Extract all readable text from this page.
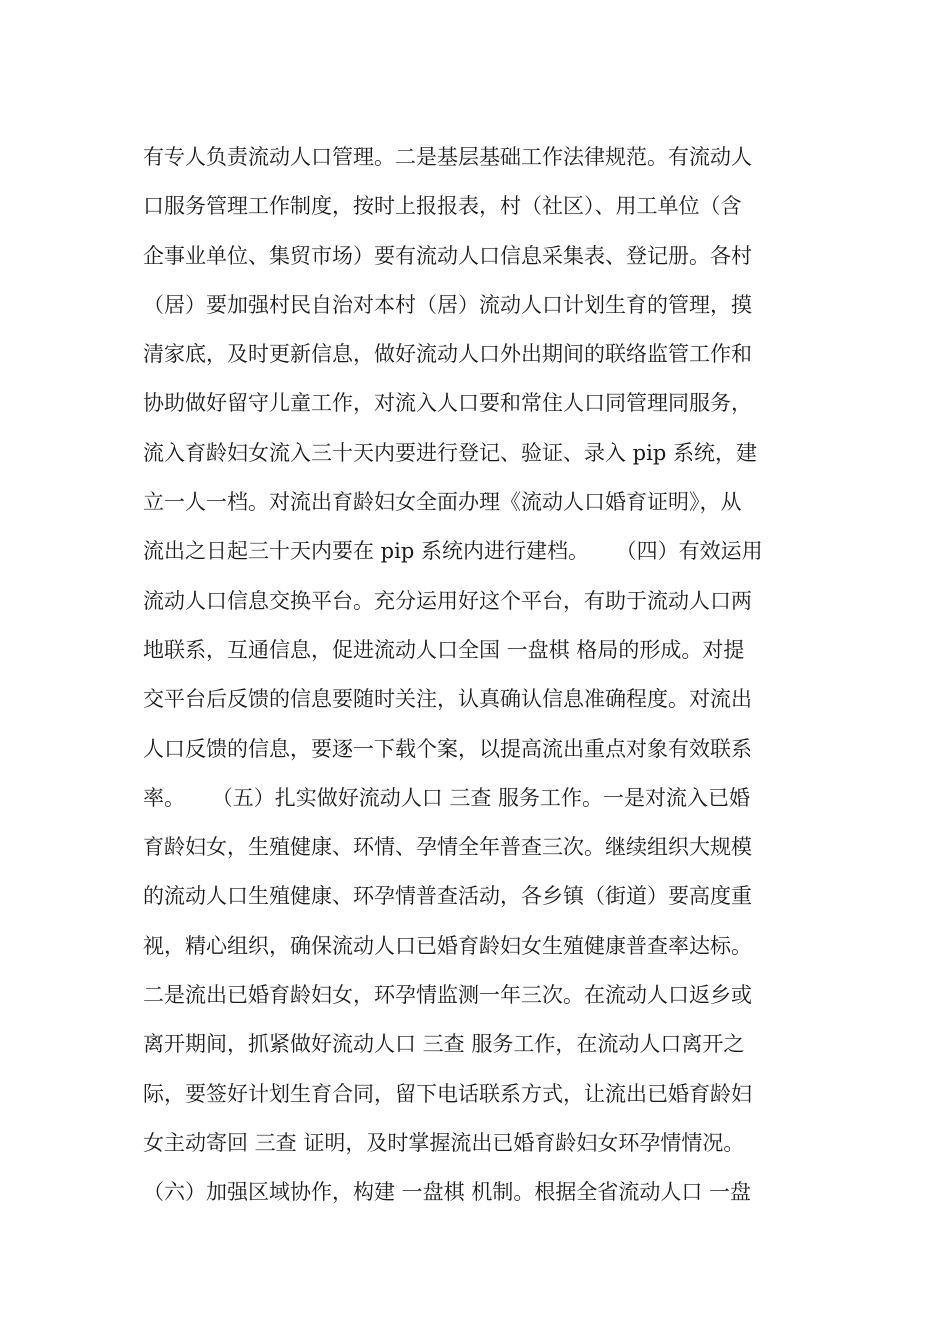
有专人负责流动人口管理。二是基层基础工作法律规范。有流动人
口服务管理工作制度，按时上报报表，村（社区）、用工单位（含
企事业单位、集贸市场）要有流动人口信息采集表、登记册。各村
（居）要加强村民自治对本村（居）流动人口计划生育的管理，摸
清家底，及时更新信息，做好流动人口外出期间的联络监管工作和
协助做好留守儿童工作，对流入人口要和常住人口同管理同服务，
流入育龄妇女流入三十天内要进行登记、验证、录入 pip 系统，建
立一人一档。对流出育龄妇女全面办理《流动人口婚育证明》，从
流出之日起三十天内要在 pip 系统内进行建档。    （四）有效运用
流动人口信息交换平台。充分运用好这个平台，有助于流动人口两
地联系，互通信息，促进流动人口全国 一盘棋 格局的形成。对提
交平台后反馈的信息要随时关注，认真确认信息准确程度。对流出
人口反馈的信息，要逐一下载个案，以提高流出重点对象有效联系
率。    （五）扎实做好流动人口 三查 服务工作。一是对流入已婚
育龄妇女，生殖健康、环情、孕情全年普查三次。继续组织大规模
的流动人口生殖健康、环孕情普查活动，各乡镇（街道）要高度重
视，精心组织，确保流动人口已婚育龄妇女生殖健康普查率达标。
二是流出已婚育龄妇女，环孕情监测一年三次。在流动人口返乡或
离开期间，抓紧做好流动人口 三查 服务工作，在流动人口离开之
际，要签好计划生育合同，留下电话联系方式，让流出已婚育龄妇
女主动寄回 三查 证明，及时掌握流出已婚育龄妇女环孕情情况。
（六）加强区域协作，构建 一盘棋 机制。根据全省流动人口 一盘
